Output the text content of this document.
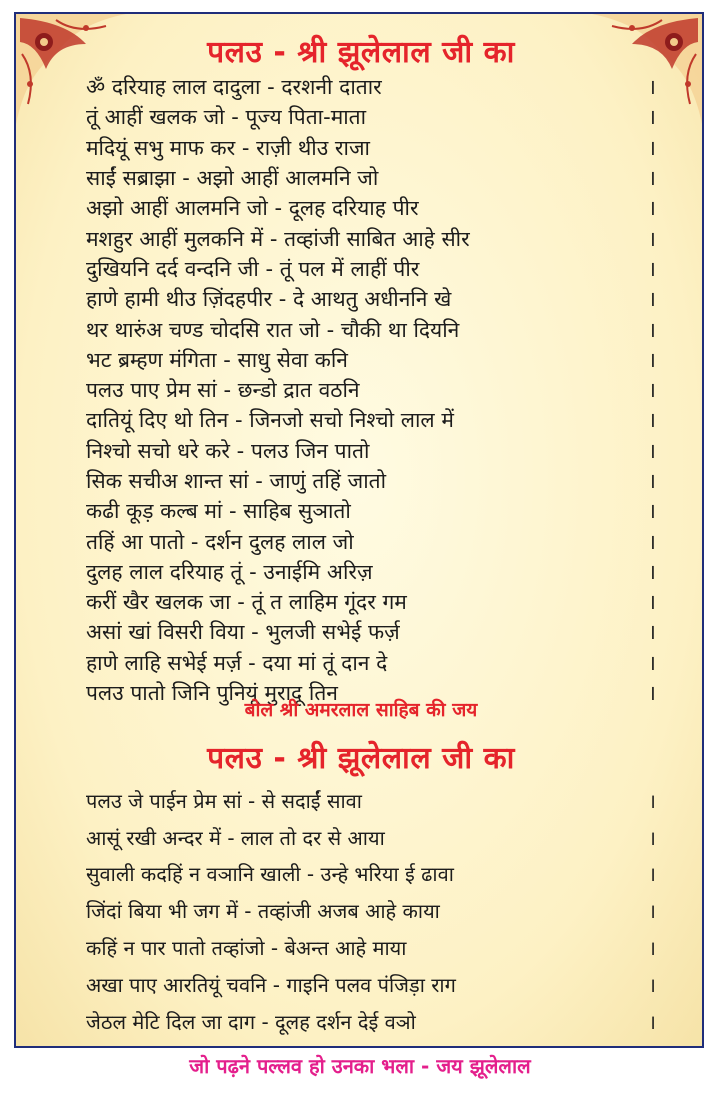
पलउ - श्री झूलेलाल जी का
ॐ दरियाह लाल दादुला - दरशनी दातार	।
तूं आहीं खलक जो - पूज्य पिता-माता	।
मदियूं सभु माफ कर - राज़ी थीउ राजा	।
साईं सब्राझा - अझो आहीं आलमनि जो	।
अझो आहीं आलमनि जो - दूलह दरियाह पीर	।
मशहुर आहीं मुलकनि में - तव्हांजी साबित आहे सीर	।
दुखियनि दर्द वन्दनि जी - तूं पल में लाहीं पीर	।
हाणे हामी थीउ ज़िंदहपीर - दे आथतु अधीननि खे	।
थर थारुंअ चण्ड चोदसि रात जो - चौकी था दियनि	।
भट ब्रम्हण मंगिता - साधु सेवा कनि	।
पलउ पाए प्रेम सां - छन्डो द्रात वठनि	।
दातियूं दिए थो तिन - जिनजो सचो निश्चो लाल में	।
निश्चो सचो धरे करे - पलउ जिन पातो	।
सिक सचीअ शान्त सां - जाणुं तहिं जातो	।
कढी कूड़ कल्ब मां - साहिब सुञातो	।
तहिं आ पातो - दर्शन दुलह लाल जो	।
दुलह लाल दरियाह तूं - उनाईमि अरिज़	।
करीं खैर खलक जा - तूं त लाहिम गूंदर गम	।
असां खां विसरी विया - भुलजी सभेई फर्ज़	।
हाणे लाहि सभेई मर्ज़ - दया मां तूं दान दे	।
पलउ पातो जिनि पुनियूं मुरादू तिन	।
बोल श्री अमरलाल साहिब की जय
पलउ - श्री झूलेलाल जी का
पलउ जे पाईन प्रेम सां - से सदाईं सावा	।
आसूं रखी अन्दर में - लाल तो दर से आया	।
सुवाली कदहिं न वञानि खाली - उन्हे भरिया ई ढावा	।
जिंदां बिया भी जग में - तव्हांजी अजब आहे काया	।
कहिं न पार पातो तव्हांजो - बेअन्त आहे माया	।
अखा पाए आरतियूं चवनि - गाइनि पलव पंजिड़ा राग	।
जेठल मेटि दिल जा दाग - दूलह दर्शन देई वञो	।
जो पढ़ने पल्लव हो उनका भला - जय झूलेलाल
